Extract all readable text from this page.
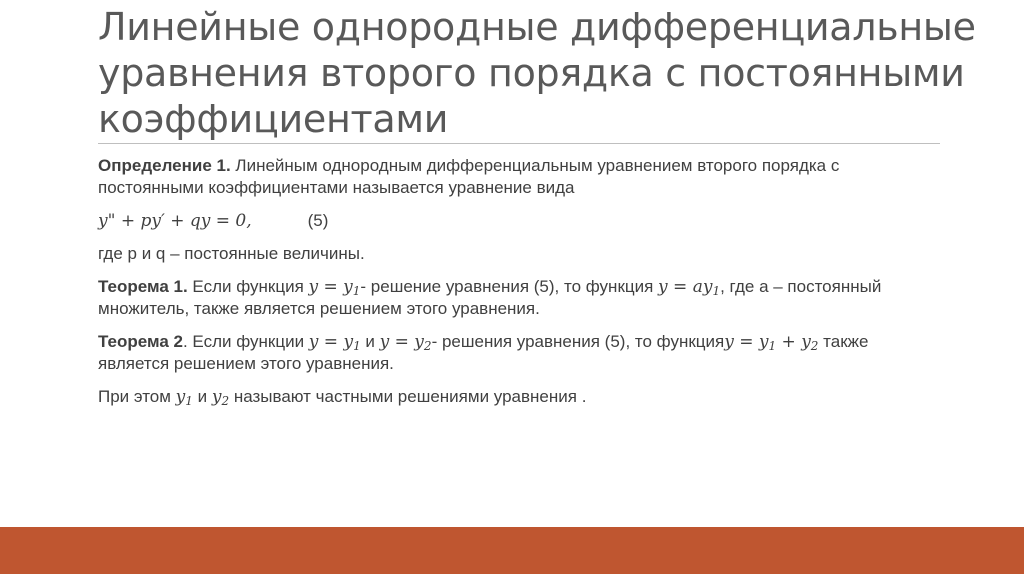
Линейные однородные дифференциальные уравнения второго порядка с постоянными коэффициентами

Определение 1. Линейным однородным дифференциальным уравнением второго порядка с постоянными коэффициентами называется уравнение вида

y" + py′ + qy = 0,	(5)

где p и q – постоянные величины.

Теорема 1. Если функция $y = y_1-$ решение уравнения (5), то функция $y = ay_1$, где a – постоянный множитель, также является решением этого уравнения.

Теорема 2. Если функции $y = y_1$ и $y = y_2-$ решения уравнения (5), то функцияy = $y_1 + y_2$ также является решением этого уравнения.

При этом $y_1$ и $y_2$ называют частными решениями уравнения .
